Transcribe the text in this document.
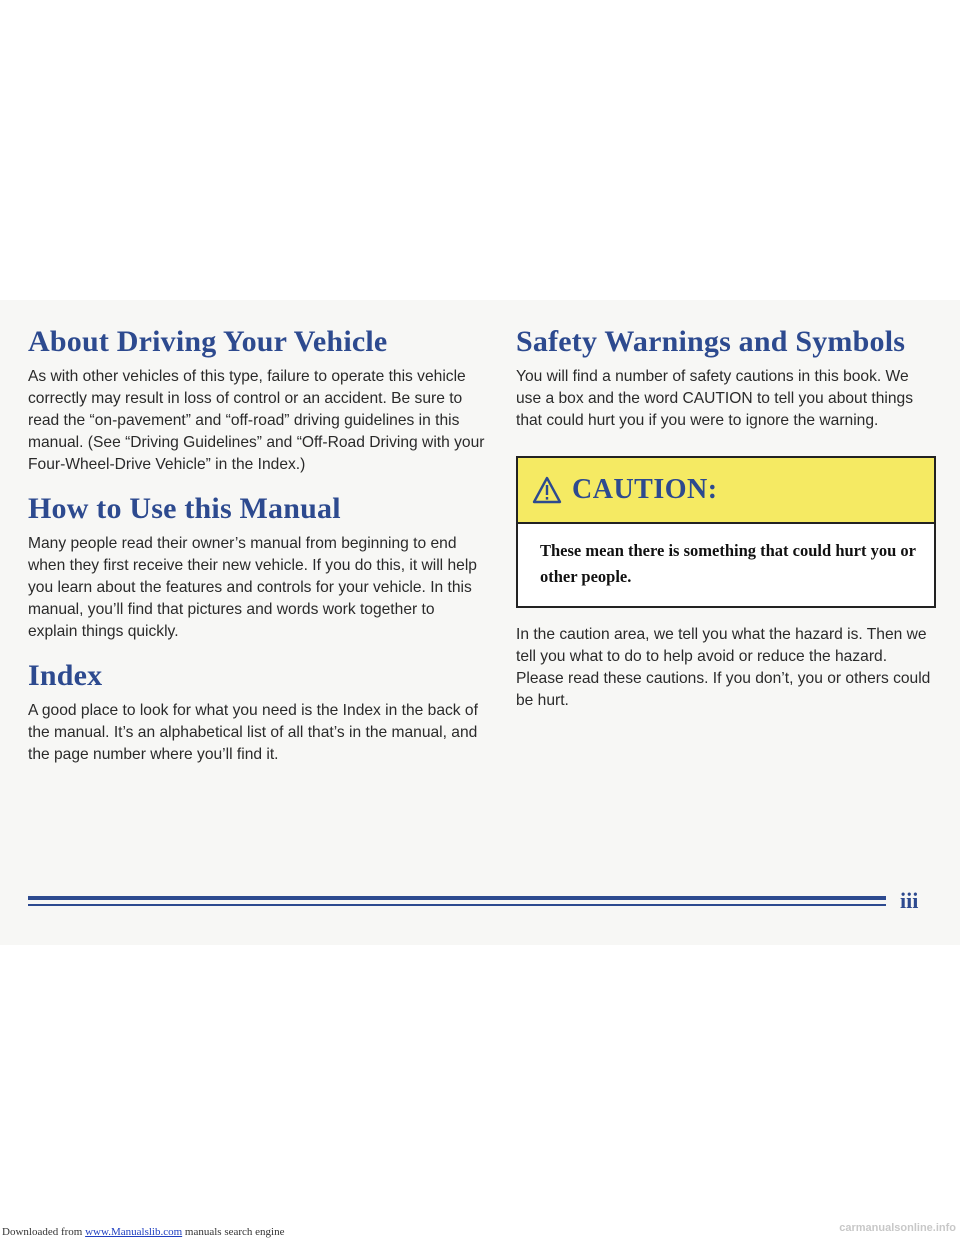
About Driving Your Vehicle

As with other vehicles of this type, failure to operate this vehicle correctly may result in loss of control or an accident. Be sure to read the “on-pavement” and “off-road” driving guidelines in this manual. (See “Driving Guidelines” and “Off-Road Driving with your Four-Wheel-Drive Vehicle” in the Index.)

How to Use this Manual

Many people read their owner’s manual from beginning to end when they first receive their new vehicle. If you do this, it will help you learn about the features and controls for your vehicle. In this manual, you’ll find that pictures and words work together to explain things quickly.

Index

A good place to look for what you need is the Index in the back of the manual. It’s an alphabetical list of all that’s in the manual, and the page number where you’ll find it.

Safety Warnings and Symbols

You will find a number of safety cautions in this book. We use a box and the word CAUTION to tell you about things that could hurt you if you were to ignore the warning.

CAUTION:
These mean there is something that could hurt you or other people.

In the caution area, we tell you what the hazard is. Then we tell you what to do to help avoid or reduce the hazard. Please read these cautions. If you don’t, you or others could be hurt.

iii
Downloaded from www.Manualslib.com manuals search engine	carmanualsonline.info
